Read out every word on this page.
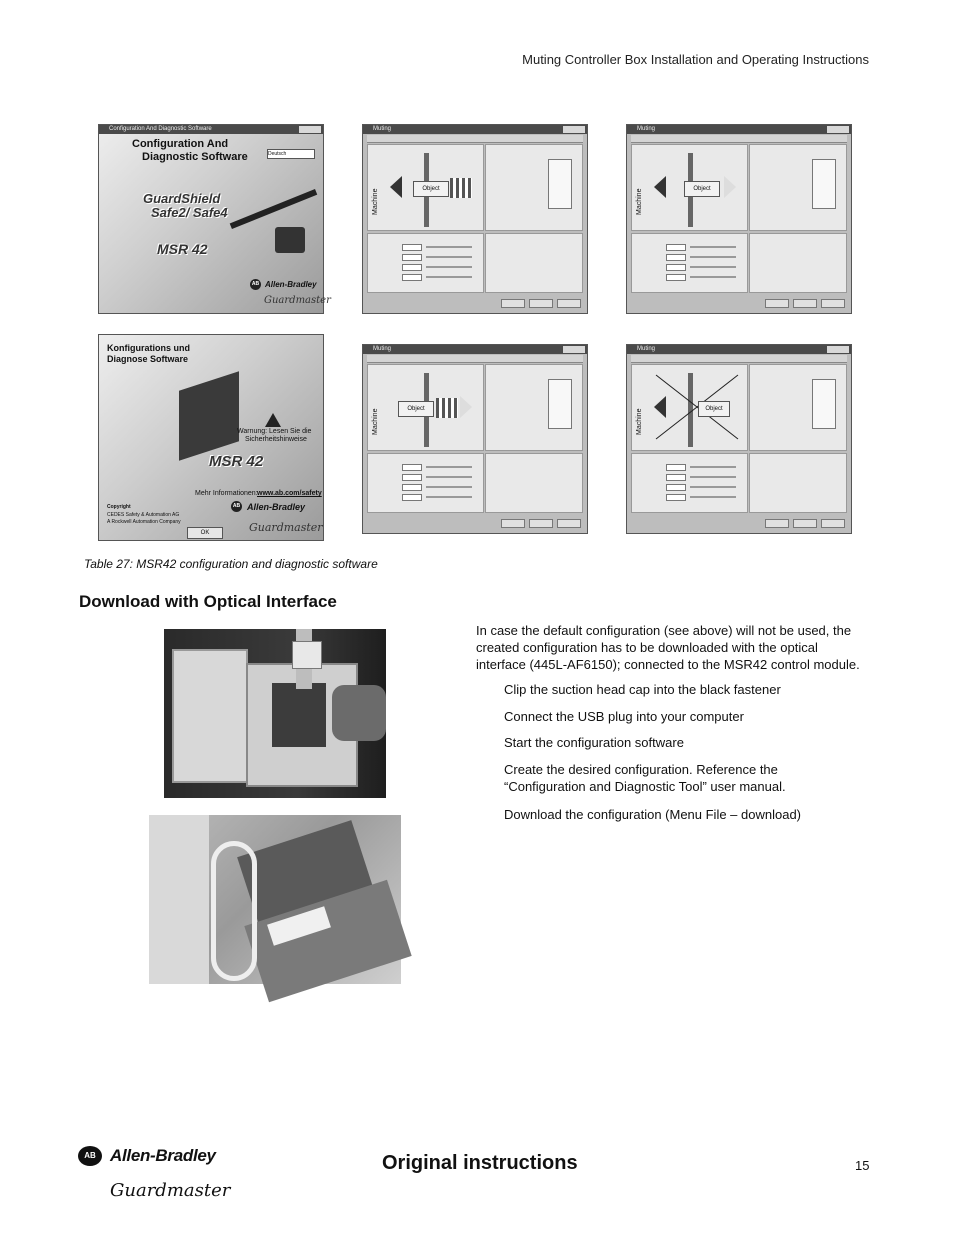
Muting Controller Box Installation and Operating Instructions
Configuration And Diagnostic Software
Configuration And
Diagnostic Software	Deutsch
GuardShield
Safe2/ Safe4
MSR 42
AB Allen-Bradley
Guardmaster
Muting
Machine	Object
Muting
Machine	Object
Konfigurations und
Diagnose Software
Warnung: Lesen Sie die
Sicherheitshinweise
MSR 42
Mehr Informationen: www.ab.com/safety
Copyright
CEDES Safety & Automation AG
A Rockwell Automation Company
OK
AB Allen-Bradley
Guardmaster
Muting
Machine	Object
Muting
Machine	Object
Table 27: MSR42 configuration and diagnostic software
Download with Optical Interface
In case the default configuration (see above) will not be used, the created configuration has to be downloaded with the optical interface (445L-AF6150); connected to the MSR42 control module.
Clip the suction head cap into the black fastener
Connect the USB plug into your computer
Start the configuration software
Create the desired configuration. Reference the “Configuration and Diagnostic Tool” user manual.
Download the configuration (Menu File – download)
AB Allen-Bradley
Guardmaster
Original instructions	15
